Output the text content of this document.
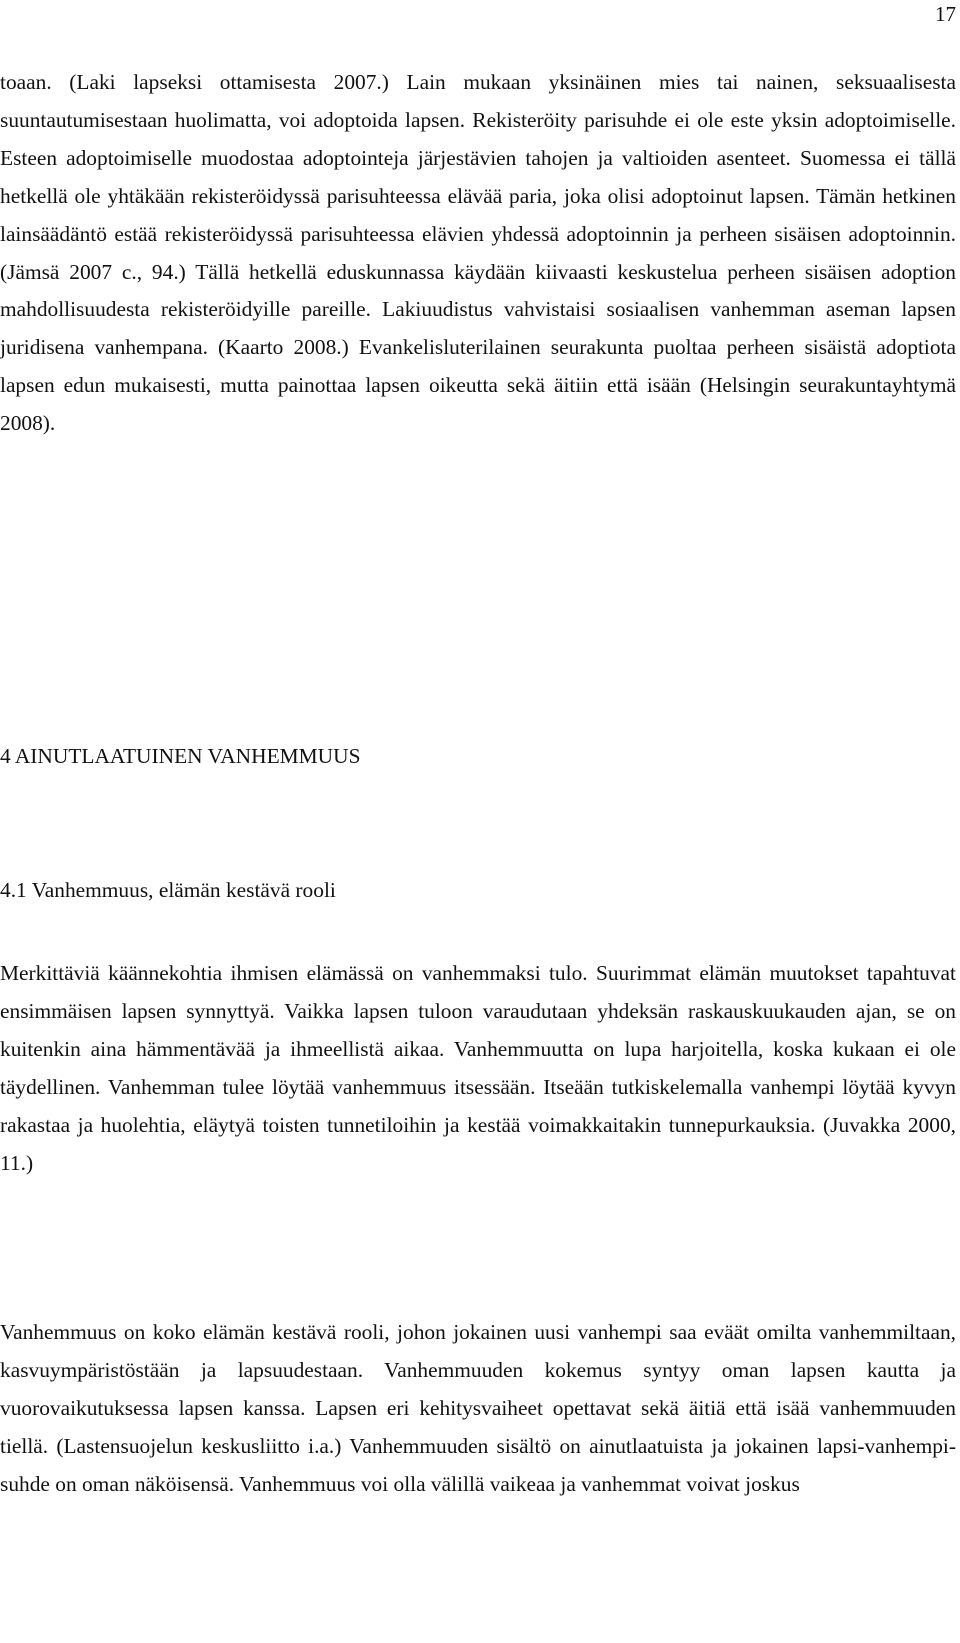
17

toaan. (Laki lapseksi ottamisesta 2007.) Lain mukaan yksinäinen mies tai nainen, seksuaalisesta suuntautumisestaan huolimatta, voi adoptoida lapsen. Rekisteröity parisuhde ei ole este yksin adoptoimiselle. Esteen adoptoimiselle muodostaa adoptointeja järjestävien tahojen ja valtioiden asenteet. Suomessa ei tällä hetkellä ole yhtäkään rekisteröidyssä parisuhteessa elävää paria, joka olisi adoptoinut lapsen. Tämän hetkinen lainsäädäntö estää rekisteröidyssä parisuhteessa elävien yhdessä adoptoinnin ja perheen sisäisen adoptoinnin. (Jämsä 2007 c., 94.) Tällä hetkellä eduskunnassa käydään kiivaasti keskustelua perheen sisäisen adoption mahdollisuudesta rekisteröidyille pareille. Lakiuudistus vahvistaisi sosiaalisen vanhemman aseman lapsen juridisena vanhempana. (Kaarto 2008.) Evankelisluterilainen seurakunta puoltaa perheen sisäistä adoptiota lapsen edun mukaisesti, mutta painottaa lapsen oikeutta sekä äitiin että isään (Helsingin seurakuntayhtymä 2008).

4 AINUTLAATUINEN VANHEMMUUS
4.1 Vanhemmuus, elämän kestävä rooli

Merkittäviä käännekohtia ihmisen elämässä on vanhemmaksi tulo. Suurimmat elämän muutokset tapahtuvat ensimmäisen lapsen synnyttyä. Vaikka lapsen tuloon varaudutaan yhdeksän raskauskuukauden ajan, se on kuitenkin aina hämmentävää ja ihmeellistä aikaa. Vanhemmuutta on lupa harjoitella, koska kukaan ei ole täydellinen. Vanhemman tulee löytää vanhemmuus itsessään. Itseään tutkiskelemalla vanhempi löytää kyvyn rakastaa ja huolehtia, eläytyä toisten tunnetiloihin ja kestää voimakkaitakin tunnepurkauksia. (Juvakka 2000, 11.)

Vanhemmuus on koko elämän kestävä rooli, johon jokainen uusi vanhempi saa eväät omilta vanhemmiltaan, kasvuympäristöstään ja lapsuudestaan. Vanhemmuuden kokemus syntyy oman lapsen kautta ja vuorovaikutuksessa lapsen kanssa. Lapsen eri kehitysvaiheet opettavat sekä äitiä että isää vanhemmuuden tiellä. (Lastensuojelun keskusliitto i.a.) Vanhemmuuden sisältö on ainutlaatuista ja jokainen lapsi-vanhempi-suhde on oman näköisensä. Vanhemmuus voi olla välillä vaikeaa ja vanhemmat voivat joskus
